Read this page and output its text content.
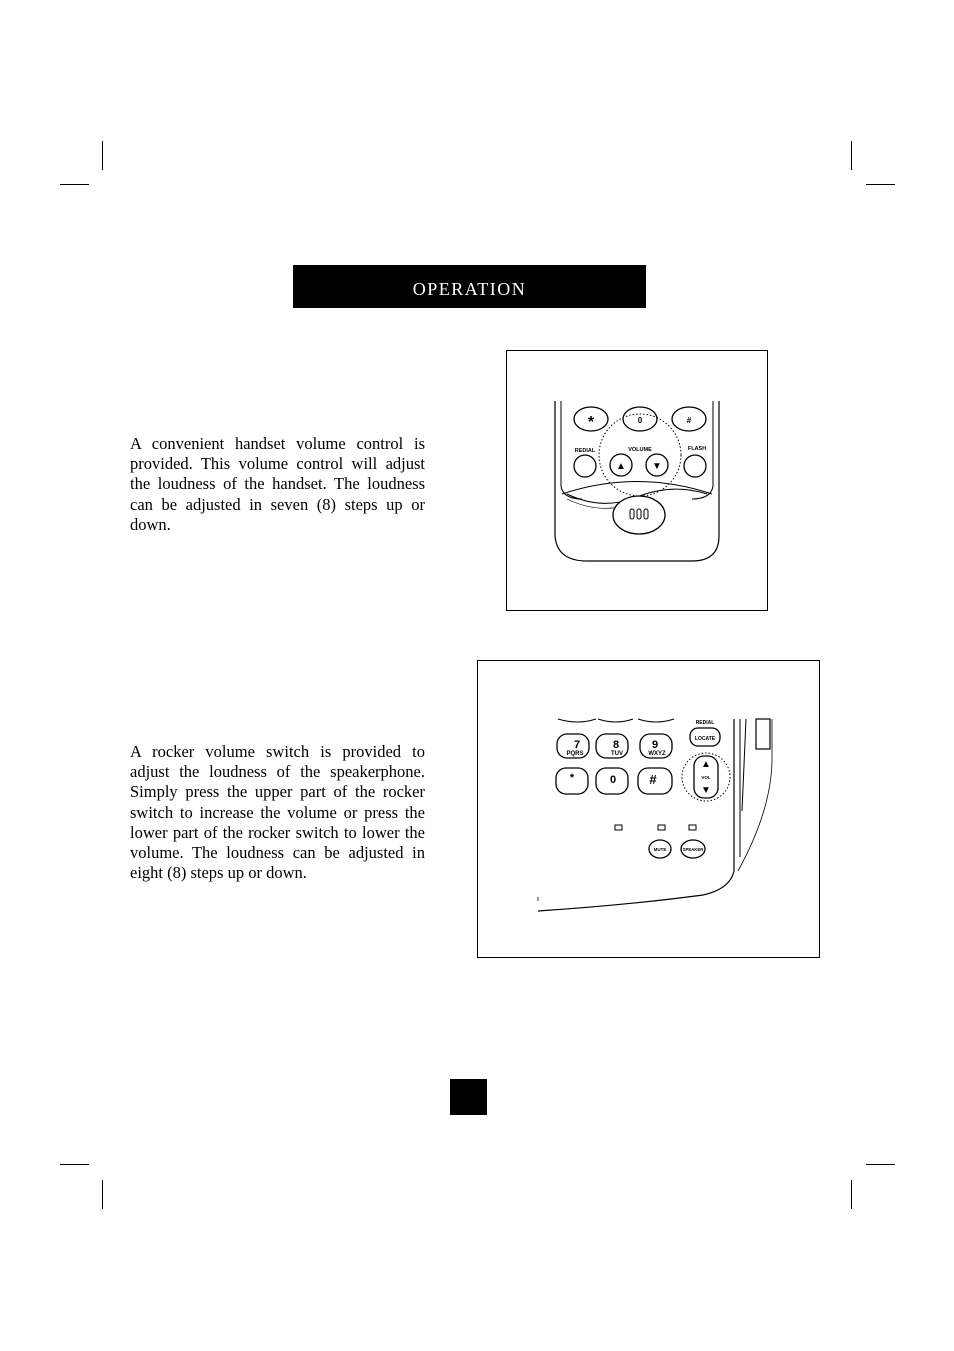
operation

A convenient handset volume control is provided. This volume control will adjust the loudness of the handset. The loudness can be adjusted in seven (8) steps up or down.

*	0	#
REDIAL	VOLUME	FLASH
▲	▼

A rocker volume switch is provided to adjust the loudness of the speakerphone. Simply press the upper part of the rocker switch to increase the volume or press the lower part of the rocker switch to lower the volume. The loudness can be adjusted in eight (8) steps up or down.

7
PQRS
8
TUV
9
WXYZ
*	0	#
REDIAL
LOCATE
▲
VOL
▼
MUTE	SPEAKER
